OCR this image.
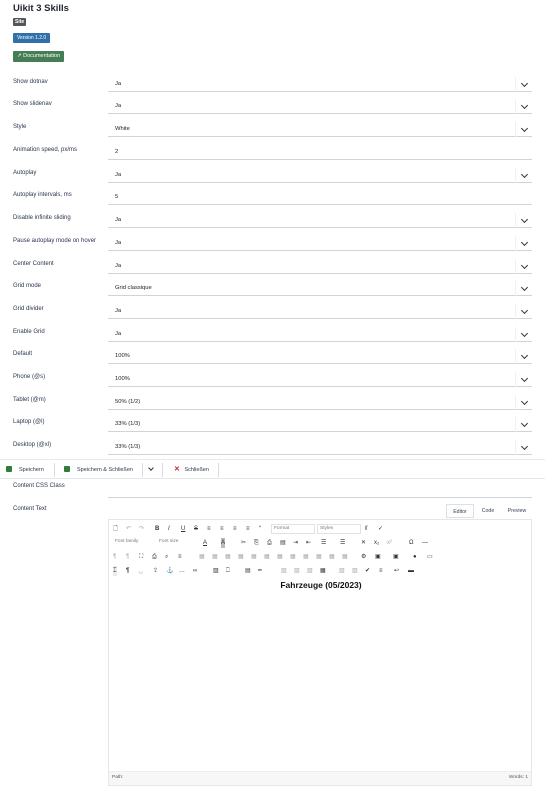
Uikit 3 Skills
Site
Version 1.2.0
↗ Documentation
Show dotnav	Ja
Show slidenav	Ja
Style	White
Animation speed, px/ms	2
Autoplay	Ja
Autoplay intervals, ms	5
Disable infinite sliding	Ja
Pause autoplay mode on hover	Ja
Center Content	Ja
Grid mode	Grid classique
Grid divider	Ja
Enable Grid	Ja
Default	100%
Phone (@s)	100%
Tablet (@m)	50% (1/2)
Laptop (@l)	33% (1/3)
Desktop (@xl)	33% (1/3)
Content CSS Class
Content Text	Editor	Code	Preview
🗋 ↶ ↷ B I U S ≡ ≡ ≡ ≡ “	Format	Styles	I̸ ✓
Font family	Font size	A A	✂ ⎘ ⎙ ▤ ⇥ ⇤ ☰ ☰	✕ x₂ x²	Ω —
¶ ¶ ⛶ ⎙ ⌕ ≡	▦ ▦ ▦ ▦ ▦ ▦ ▦ ▦ ▦ ▦ ▦ ▦ ⚙ ▣ ▣ ● ▭
⌶ ¶ ␣ ⇪ ⚓ … ∞	▨ ⎕	▤ ━	▧ ▧ ▧ ▦ ▧ ▧ ✔ ≡ ↩ ▬
Fahrzeuge (05/2023)
Path:	Words: 1
Speichern	Speichern & Schließen	✕ Schließen
